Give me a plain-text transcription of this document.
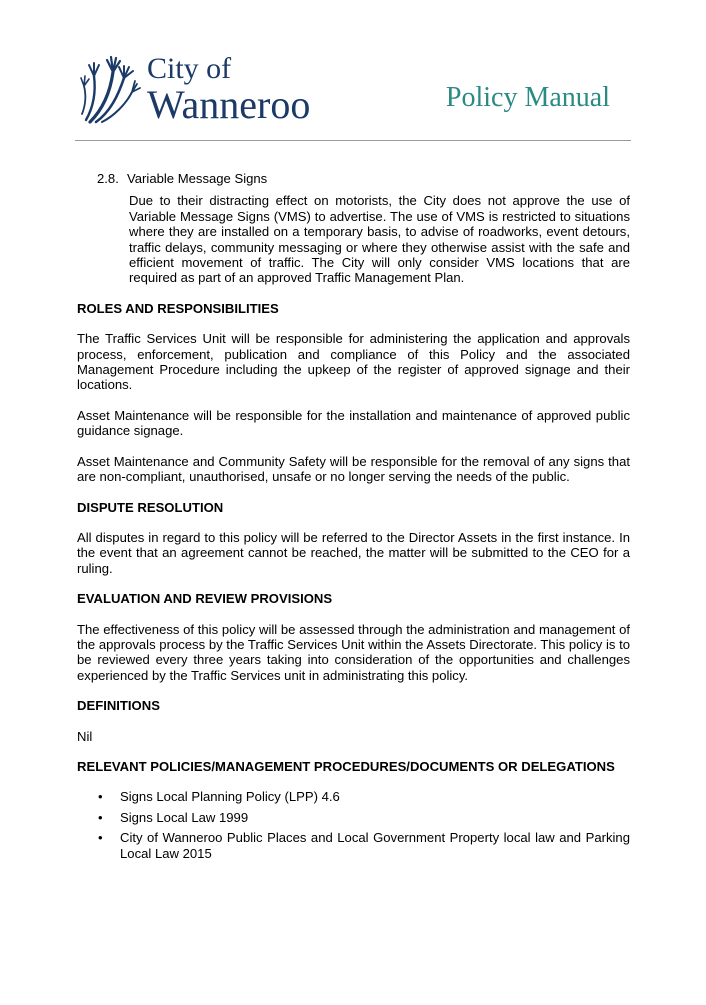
City of
Wanneroo	Policy Manual
2.8. Variable Message Signs

Due to their distracting effect on motorists, the City does not approve the use of Variable Message Signs (VMS) to advertise. The use of VMS is restricted to situations where they are installed on a temporary basis, to advise of roadworks, event detours, traffic delays, community messaging or where they otherwise assist with the safe and efficient movement of traffic. The City will only consider VMS locations that are required as part of an approved Traffic Management Plan.

ROLES AND RESPONSIBILITIES

The Traffic Services Unit will be responsible for administering the application and approvals process, enforcement, publication and compliance of this Policy and the associated Management Procedure including the upkeep of the register of approved signage and their locations.

Asset Maintenance will be responsible for the installation and maintenance of approved public guidance signage.

Asset Maintenance and Community Safety will be responsible for the removal of any signs that are non-compliant, unauthorised, unsafe or no longer serving the needs of the public.

DISPUTE RESOLUTION

All disputes in regard to this policy will be referred to the Director Assets in the first instance. In the event that an agreement cannot be reached, the matter will be submitted to the CEO for a ruling.

EVALUATION AND REVIEW PROVISIONS

The effectiveness of this policy will be assessed through the administration and management of the approvals process by the Traffic Services Unit within the Assets Directorate. This policy is to be reviewed every three years taking into consideration of the opportunities and challenges experienced by the Traffic Services unit in administrating this policy.

DEFINITIONS

Nil

RELEVANT POLICIES/MANAGEMENT PROCEDURES/DOCUMENTS OR DELEGATIONS
• Signs Local Planning Policy (LPP) 4.6
• Signs Local Law 1999
• City of Wanneroo Public Places and Local Government Property local law and Parking Local Law 2015
